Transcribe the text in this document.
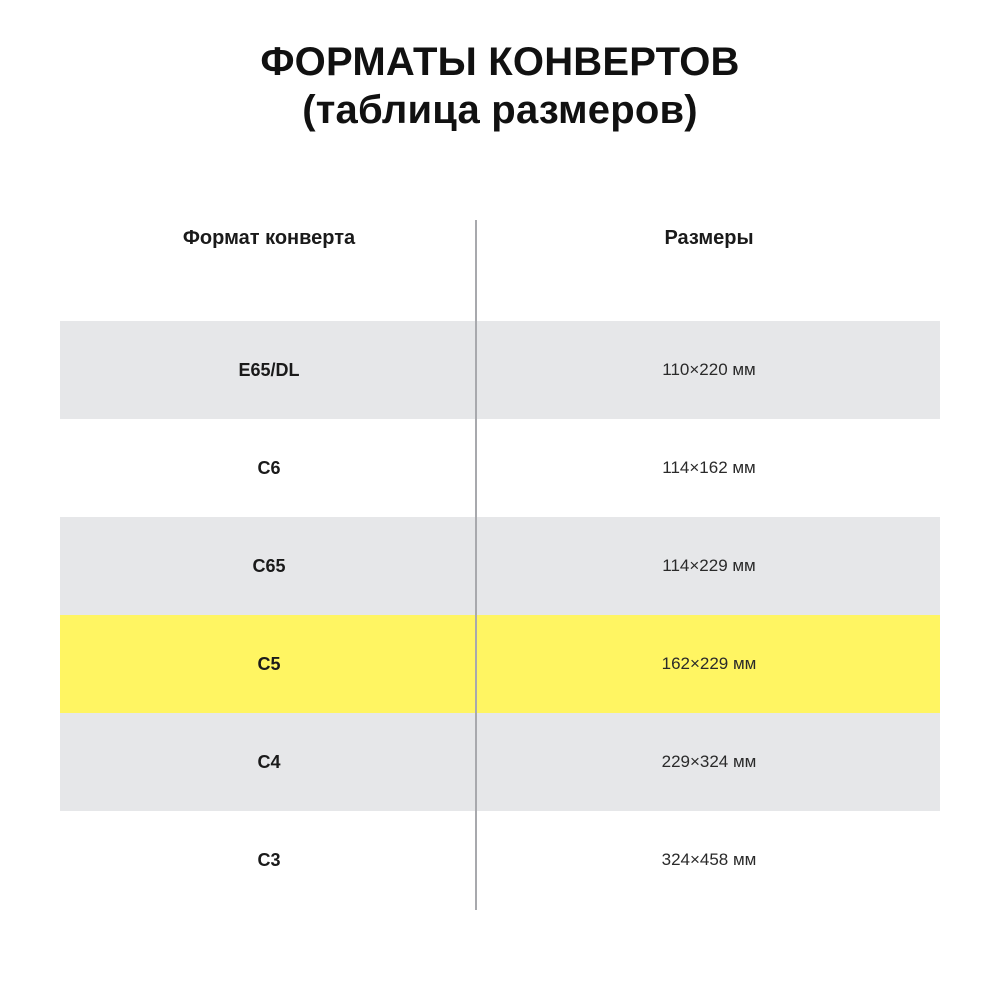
ФОРМАТЫ КОНВЕРТОВ
(таблица размеров)
Формат конверта	Размеры
E65/DL	110×220 мм
C6	114×162 мм
C65	114×229 мм
C5	162×229 мм
C4	229×324 мм
C3	324×458 мм
